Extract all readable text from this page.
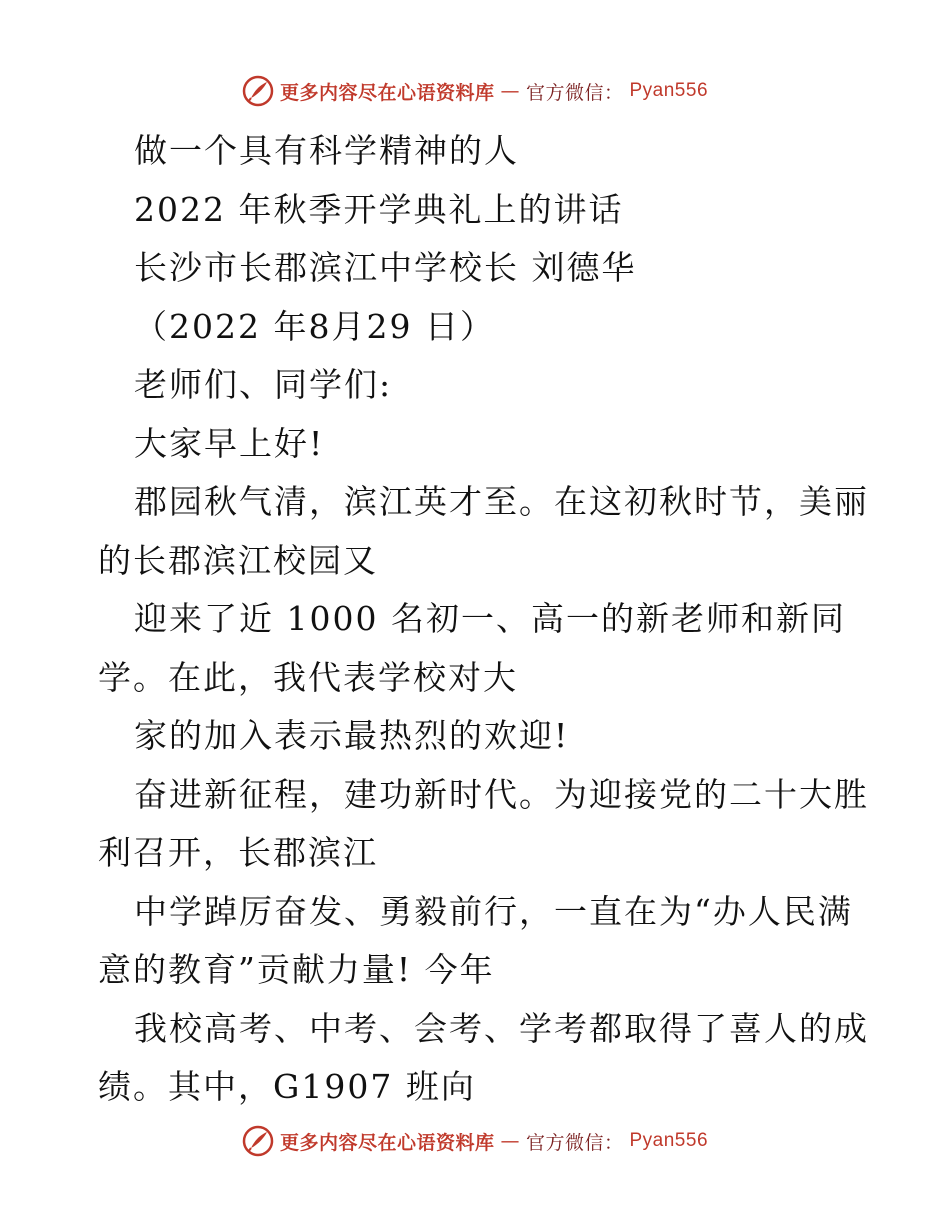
更多内容尽在心语资料库 — 官方微信： Pyan556
做一个具有科学精神的人
2022 年秋季开学典礼上的讲话
长沙市长郡滨江中学校长 刘德华
（2022 年8月29 日）
老师们、同学们:
大家早上好!
郡园秋气清，滨江英才至。在这初秋时节，美丽
的长郡滨江校园又
迎来了近 1000 名初一、高一的新老师和新同
学。在此，我代表学校对大
家的加入表示最热烈的欢迎!
奋进新征程，建功新时代。为迎接党的二十大胜
利召开，长郡滨江
中学踔厉奋发、勇毅前行，一直在为“办人民满
意的教育”贡献力量! 今年
我校高考、中考、会考、学考都取得了喜人的成
绩。其中，G1907 班向
更多内容尽在心语资料库 — 官方微信： Pyan556
